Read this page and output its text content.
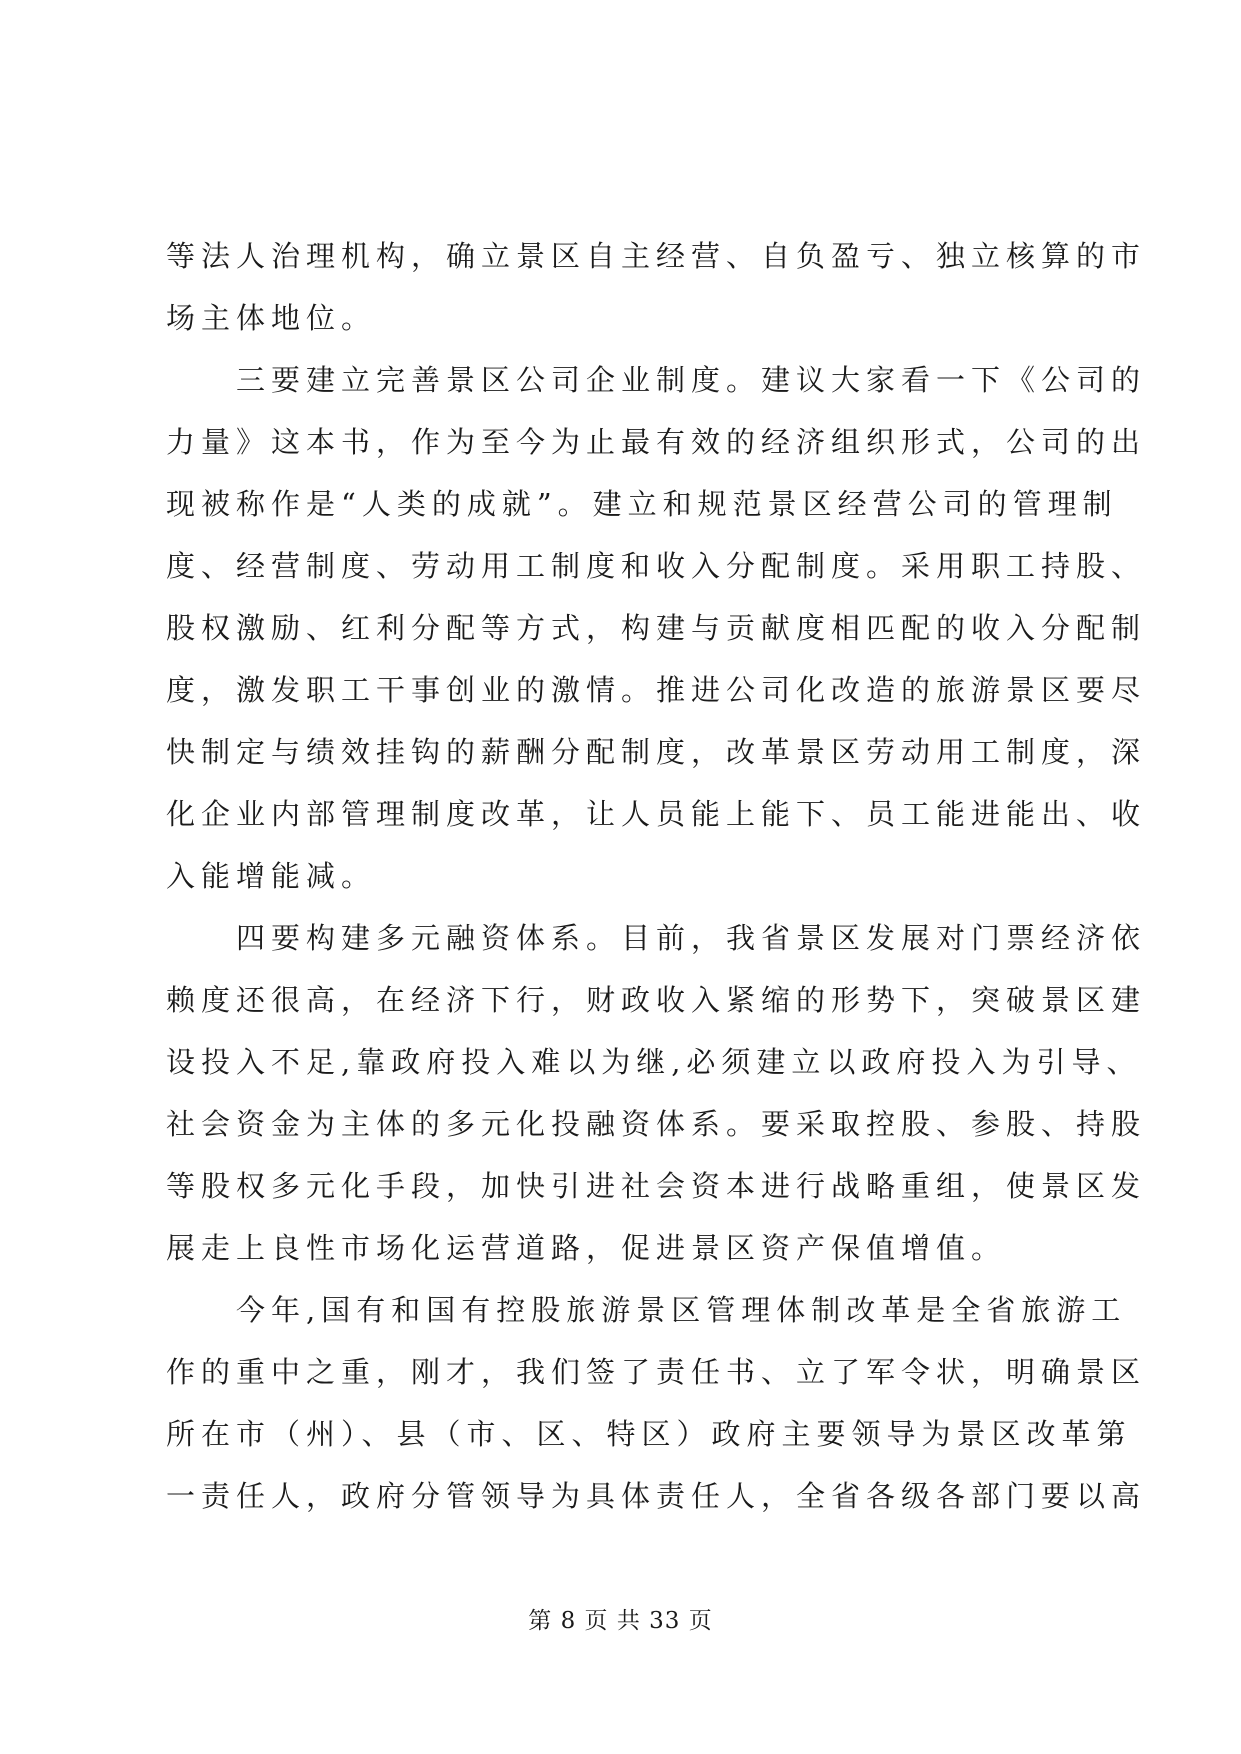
等法人治理机构，确立景区自主经营、自负盈亏、独立核算的市
场主体地位。
三要建立完善景区公司企业制度。建议大家看一下《公司的
力量》这本书，作为至今为止最有效的经济组织形式，公司的出
现被称作是“人类的成就”。建立和规范景区经营公司的管理制
度、经营制度、劳动用工制度和收入分配制度。采用职工持股、
股权激励、红利分配等方式，构建与贡献度相匹配的收入分配制
度，激发职工干事创业的激情。推进公司化改造的旅游景区要尽
快制定与绩效挂钩的薪酬分配制度，改革景区劳动用工制度，深
化企业内部管理制度改革，让人员能上能下、员工能进能出、收
入能增能减。
四要构建多元融资体系。目前，我省景区发展对门票经济依
赖度还很高，在经济下行，财政收入紧缩的形势下，突破景区建
设投入不足,靠政府投入难以为继,必须建立以政府投入为引导、
社会资金为主体的多元化投融资体系。要采取控股、参股、持股
等股权多元化手段，加快引进社会资本进行战略重组，使景区发
展走上良性市场化运营道路，促进景区资产保值增值。
今年,国有和国有控股旅游景区管理体制改革是全省旅游工
作的重中之重，刚才，我们签了责任书、立了军令状，明确景区
所在市（州）、县（市、区、特区）政府主要领导为景区改革第
一责任人，政府分管领导为具体责任人，全省各级各部门要以高
第 8 页 共 33 页
